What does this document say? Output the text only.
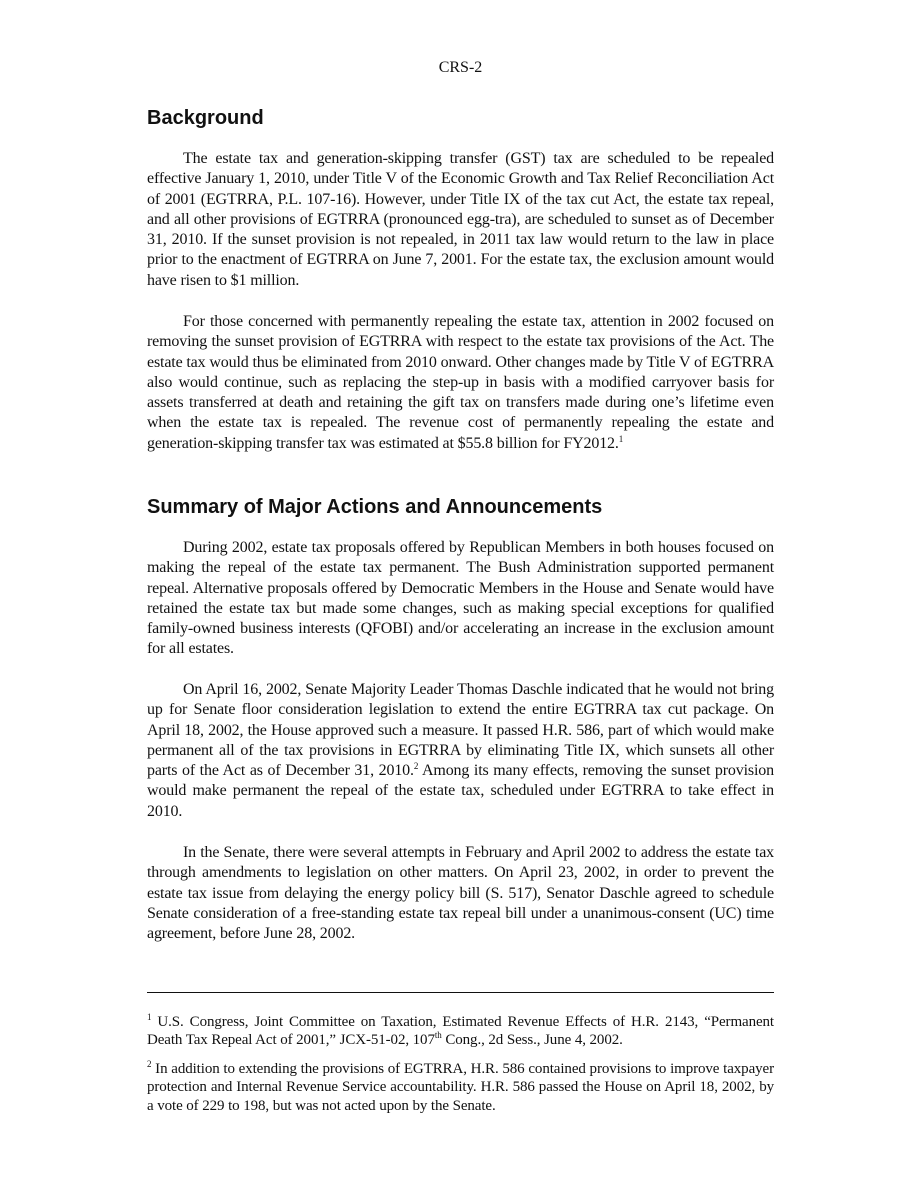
CRS-2
Background

The estate tax and generation-skipping transfer (GST) tax are scheduled to be repealed effective January 1, 2010, under Title V of the Economic Growth and Tax Relief Reconciliation Act of 2001 (EGTRRA, P.L. 107-16). However, under Title IX of the tax cut Act, the estate tax repeal, and all other provisions of EGTRRA (pronounced egg-tra), are scheduled to sunset as of December 31, 2010. If the sunset provision is not repealed, in 2011 tax law would return to the law in place prior to the enactment of EGTRRA on June 7, 2001. For the estate tax, the exclusion amount would have risen to $1 million.

For those concerned with permanently repealing the estate tax, attention in 2002 focused on removing the sunset provision of EGTRRA with respect to the estate tax provisions of the Act. The estate tax would thus be eliminated from 2010 onward. Other changes made by Title V of EGTRRA also would continue, such as replacing the step-up in basis with a modified carryover basis for assets transferred at death and retaining the gift tax on transfers made during one’s lifetime even when the estate tax is repealed. The revenue cost of permanently repealing the estate and generation-skipping transfer tax was estimated at $55.8 billion for FY2012.$^1$

Summary of Major Actions and Announcements

During 2002, estate tax proposals offered by Republican Members in both houses focused on making the repeal of the estate tax permanent. The Bush Administration supported permanent repeal. Alternative proposals offered by Democratic Members in the House and Senate would have retained the estate tax but made some changes, such as making special exceptions for qualified family-owned business interests (QFOBI) and/or accelerating an increase in the exclusion amount for all estates.

On April 16, 2002, Senate Majority Leader Thomas Daschle indicated that he would not bring up for Senate floor consideration legislation to extend the entire EGTRRA tax cut package. On April 18, 2002, the House approved such a measure. It passed H.R. 586, part of which would make permanent all of the tax provisions in EGTRRA by eliminating Title IX, which sunsets all other parts of the Act as of December 31, 2010.$^2$ Among its many effects, removing the sunset provision would make permanent the repeal of the estate tax, scheduled under EGTRRA to take effect in 2010.

In the Senate, there were several attempts in February and April 2002 to address the estate tax through amendments to legislation on other matters. On April 23, 2002, in order to prevent the estate tax issue from delaying the energy policy bill (S. 517), Senator Daschle agreed to schedule Senate consideration of a free-standing estate tax repeal bill under a unanimous-consent (UC) time agreement, before June 28, 2002.

$^1$ U.S. Congress, Joint Committee on Taxation, Estimated Revenue Effects of H.R. 2143, “Permanent Death Tax Repeal Act of 2001,” JCX-51-02, 107th Cong., 2d Sess., June 4, 2002.

$^2$ In addition to extending the provisions of EGTRRA, H.R. 586 contained provisions to improve taxpayer protection and Internal Revenue Service accountability. H.R. 586 passed the House on April 18, 2002, by a vote of 229 to 198, but was not acted upon by the Senate.
